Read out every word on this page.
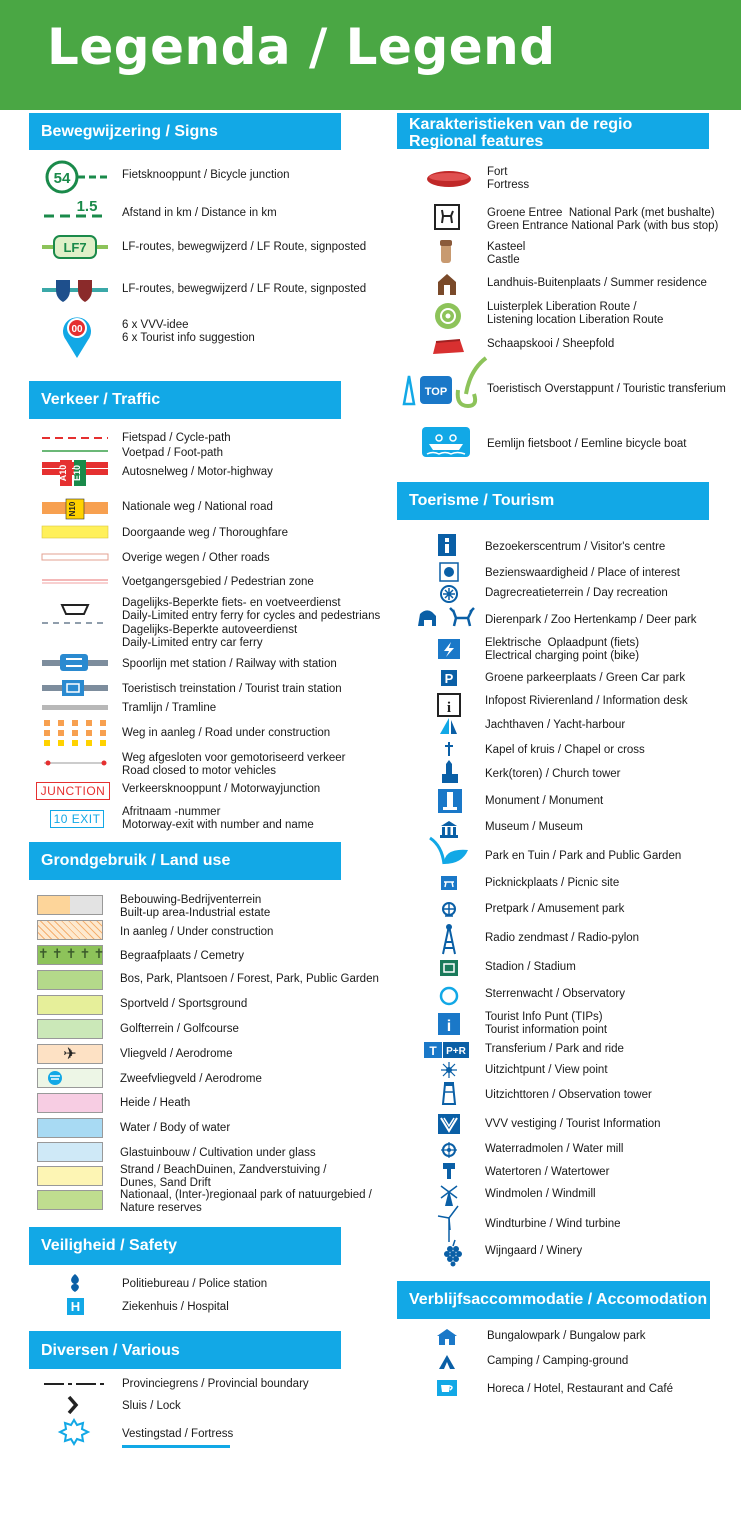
Legenda / Legend
Bewegwijzering / Signs
Verkeer / Traffic
Grondgebruik / Land use
Veiligheid / Safety
Diversen / Various
Karakteristieken van de regio
Regional features
Toerisme / Tourism
Verblijfsaccommodatie / Accomodation
54
1.5
LF7
00
Fietsknooppunt / Bicycle junction
Afstand in km / Distance in km
LF-routes, bewegwijzerd / LF Route, signposted
LF-routes, bewegwijzerd / LF Route, signposted
6 x VVV-idee
6 x Tourist info suggestion
A10 E10
N10
JUNCTION
10 EXIT
Fietspad / Cycle-path
Voetpad / Foot-path
Autosnelweg / Motor-highway
Nationale weg / National road
Doorgaande weg / Thoroughfare
Overige wegen / Other roads
Voetgangersgebied / Pedestrian zone
Dagelijks-Beperkte fiets- en voetveerdienst
Daily-Limited entry ferry for cycles and pedestrians
Dagelijks-Beperkte autoveerdienst
Daily-Limited entry car ferry
Spoorlijn met station / Railway with station
Toeristisch treinstation / Tourist train station
Tramlijn / Tramline
Weg in aanleg / Road under construction
Weg afgesloten voor gemotoriseerd verkeer
Road closed to motor vehicles
Verkeersknooppunt / Motorwayjunction
Afritnaam -nummer
Motorway-exit with number and name
✝✝✝✝✝
✈
Bebouwing-Bedrijventerrein
Built-up area-Industrial estate
In aanleg / Under construction
Begraafplaats / Cemetry
Bos, Park, Plantsoen / Forest, Park, Public Garden
Sportveld / Sportsground
Golfterrein / Golfcourse
Vliegveld / Aerodrome
Zweefvliegveld / Aerodrome
Heide / Heath
Water / Body of water
Glastuinbouw / Cultivation under glass
Strand / BeachDuinen, Zandverstuiving /
Dunes, Sand Drift
Nationaal, (Inter-)regionaal park of natuurgebied /
Nature reserves
H
Politiebureau / Police station
Ziekenhuis / Hospital
Provinciegrens / Provincial boundary
Sluis / Lock
Vestingstad / Fortress
TOP
Fort
Fortress
Groene Entree  National Park (met bushalte)
Green Entrance National Park (with bus stop)
Kasteel
Castle
Landhuis-Buitenplaats / Summer residence
Luisterplek Liberation Route /
Listening location Liberation Route
Schaapskooi / Sheepfold
Toeristisch Overstappunt / Touristic transferium
Eemlijn fietsboot / Eemline bicycle boat
P
i
i
T P+R
Bezoekerscentrum / Visitor's centre
Bezienswaardigheid / Place of interest
Dagrecreatieterrein / Day recreation
Dierenpark / Zoo Hertenkamp / Deer park
Elektrische  Oplaadpunt (fiets)
Electrical charging point (bike)
Groene parkeerplaats / Green Car park
Infopost Rivierenland / Information desk
Jachthaven / Yacht-harbour
Kapel of kruis / Chapel or cross
Kerk(toren) / Church tower
Monument / Monument
Museum / Museum
Park en Tuin / Park and Public Garden
Picknickplaats / Picnic site
Pretpark / Amusement park
Radio zendmast / Radio-pylon
Stadion / Stadium
Sterrenwacht / Observatory
Tourist Info Punt (TIPs)
Tourist information point
Transferium / Park and ride
Uitzichtpunt / View point
Uitzichttoren / Observation tower
VVV vestiging / Tourist Information
Waterradmolen / Water mill
Watertoren / Watertower
Windmolen / Windmill
Windturbine / Wind turbine
Wijngaard / Winery
Bungalowpark / Bungalow park
Camping / Camping-ground
Horeca / Hotel, Restaurant and Café
